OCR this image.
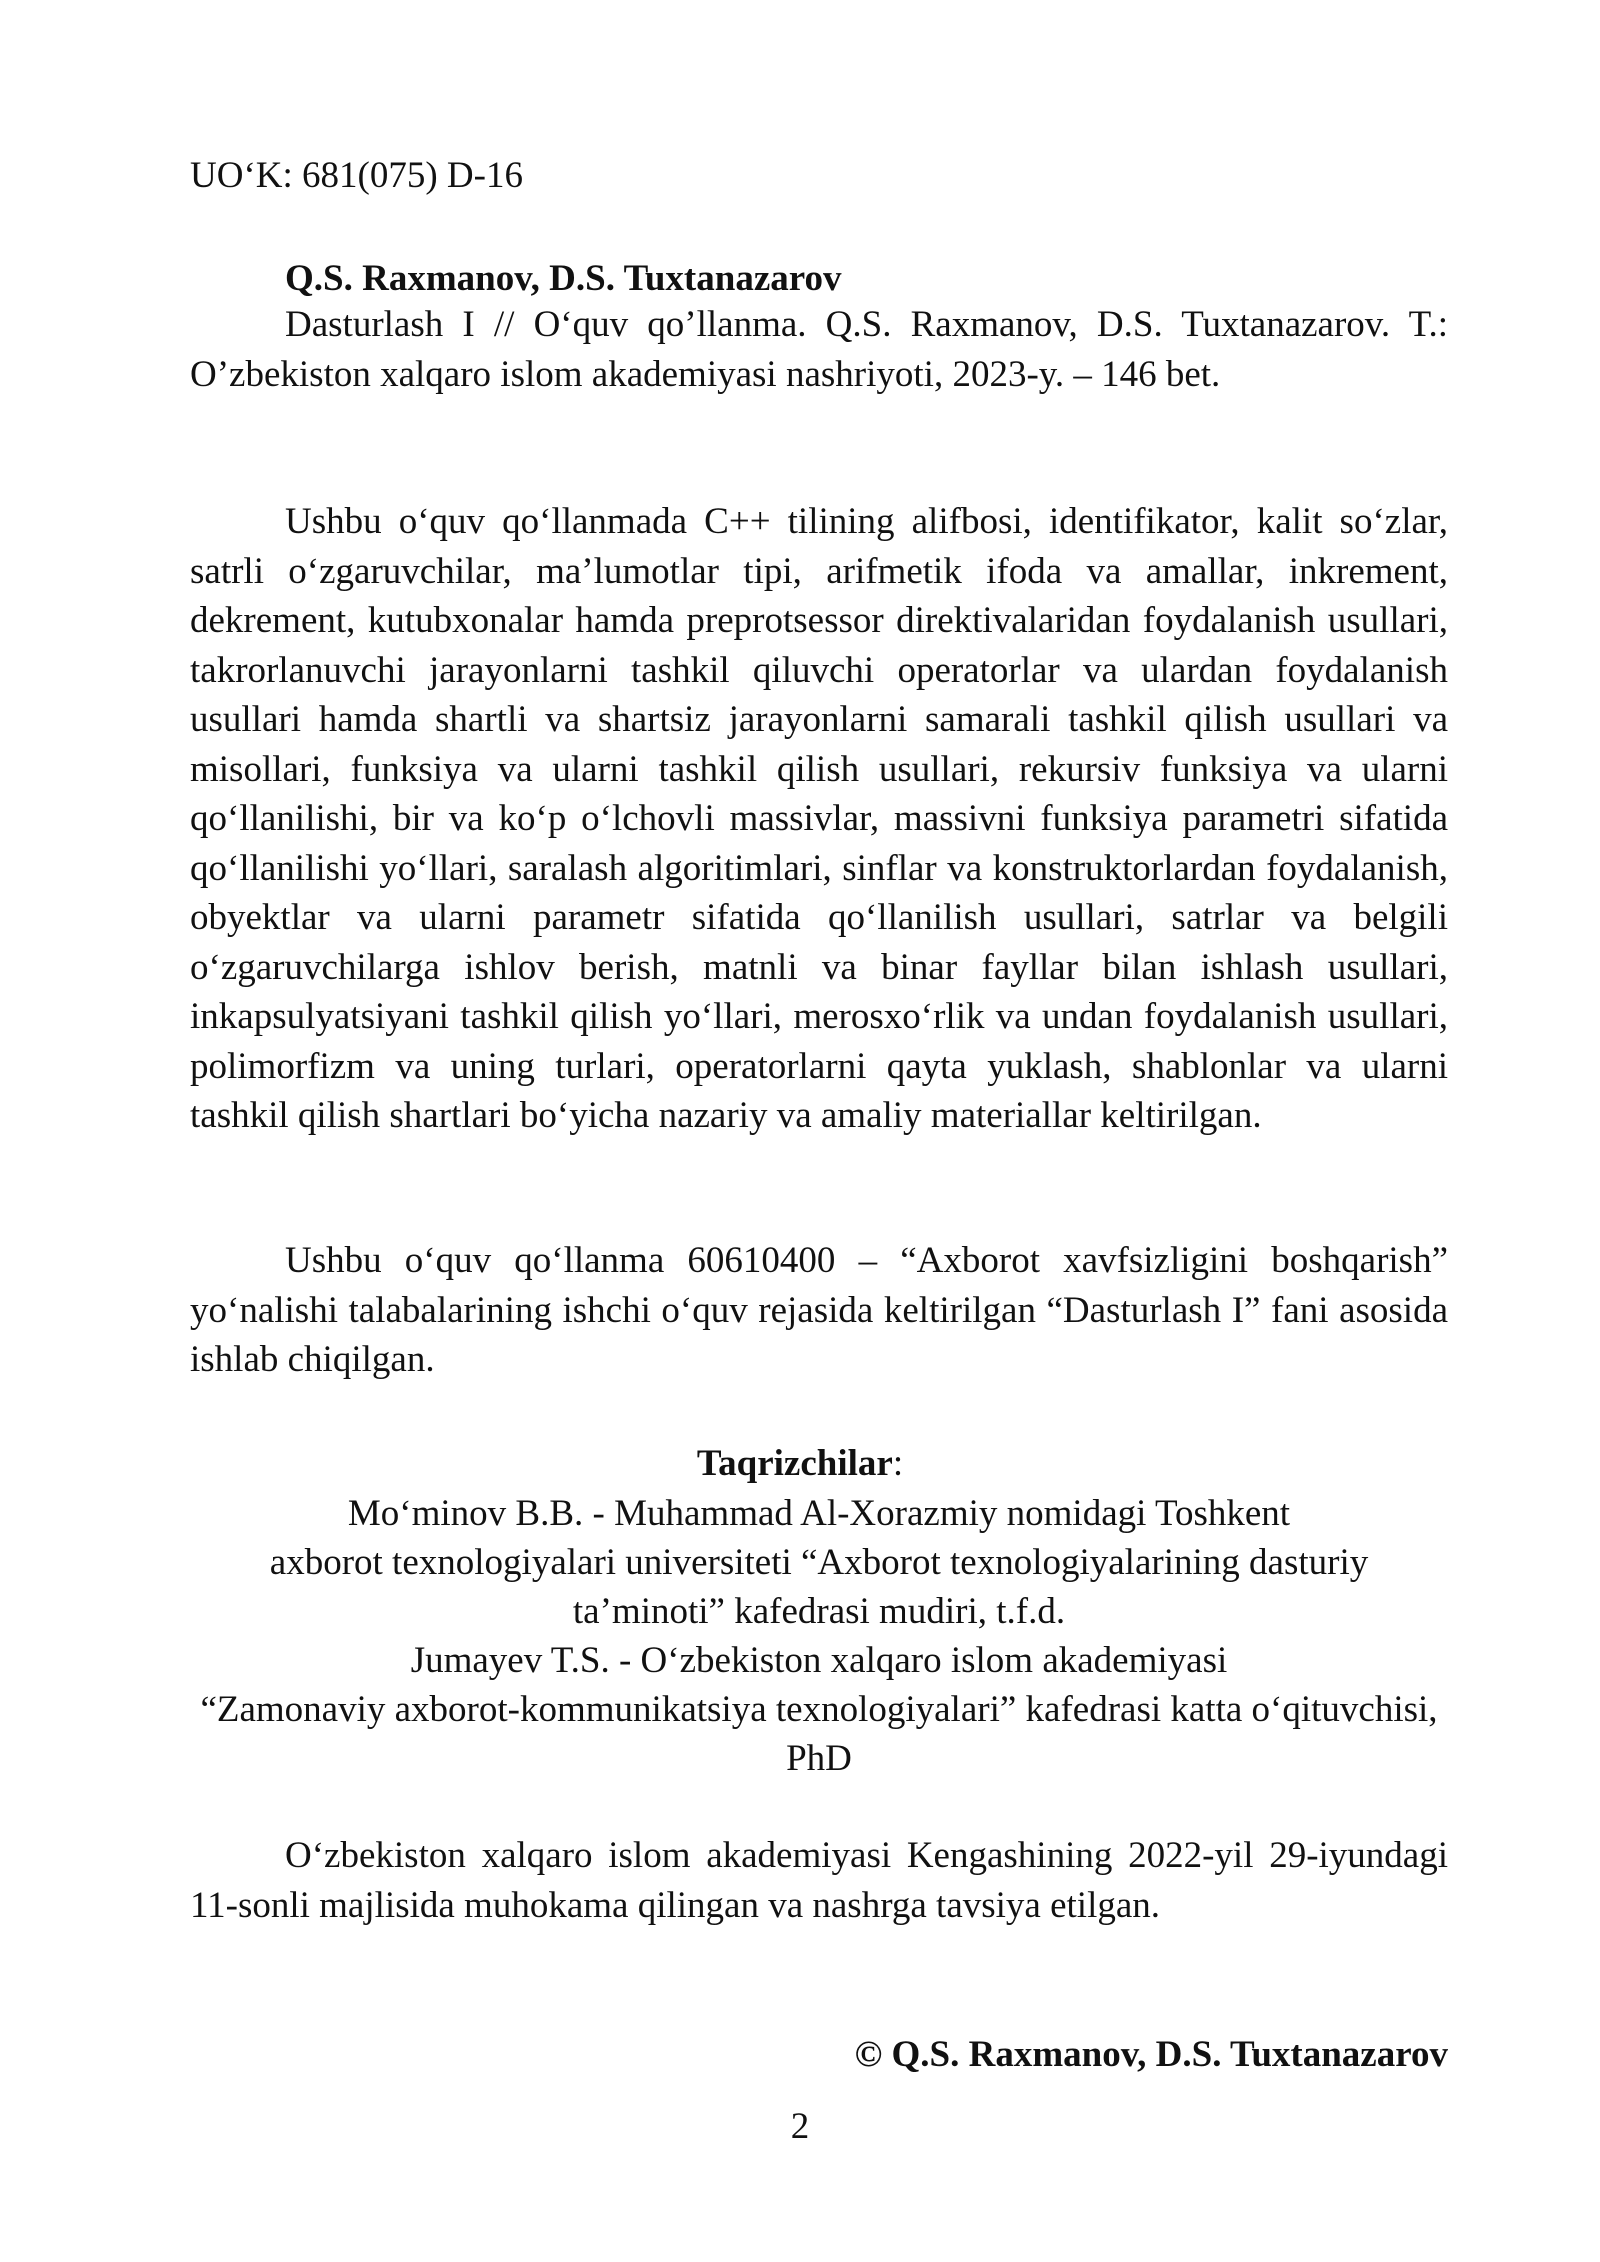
UO‘K: 681(075) D-16
Q.S. Raxmanov, D.S. Tuxtanazarov
Dasturlash I // O‘quv qo’llanma. Q.S. Raxmanov, D.S. Tuxtanazarov. T.: O’zbekiston xalqaro islom akademiyasi nashriyoti, 2023-y. – 146 bet.
Ushbu o‘quv qo‘llanmada C++ tilining alifbosi, identifikator, kalit so‘zlar, satrli o‘zgaruvchilar, ma’lumotlar tipi, arifmetik ifoda va amallar, inkrement, dekrement, kutubxonalar hamda preprotsessor direktivalaridan foydalanish usullari, takrorlanuvchi jarayonlarni tashkil qiluvchi operatorlar va ulardan foydalanish usullari hamda shartli va shartsiz jarayonlarni samarali tashkil qilish usullari va misollari, funksiya va ularni tashkil qilish usullari, rekursiv funksiya va ularni qo‘llanilishi, bir va ko‘p o‘lchovli massivlar, massivni funksiya parametri sifatida qo‘llanilishi yo‘llari, saralash algoritimlari, sinflar va konstruktorlardan foydalanish, obyektlar va ularni parametr sifatida qo‘llanilish usullari, satrlar va belgili o‘zgaruvchilarga ishlov berish, matnli va binar fayllar bilan ishlash usullari, inkapsulyatsiyani tashkil qilish yo‘llari, merosxo‘rlik va undan foydalanish usullari, polimorfizm va uning turlari, operatorlarni qayta yuklash, shablonlar va ularni tashkil qilish shartlari bo‘yicha nazariy va amaliy materiallar keltirilgan.
Ushbu o‘quv qo‘llanma 60610400 – “Axborot xavfsizligini boshqarish” yo‘nalishi talabalarining ishchi o‘quv rejasida keltirilgan “Dasturlash I” fani asosida ishlab chiqilgan.
Taqrizchilar:
Mo‘minov B.B. - Muhammad Al-Xorazmiy nomidagi Toshkent
axborot texnologiyalari universiteti “Axborot texnologiyalarining dasturiy ta’minoti” kafedrasi mudiri, t.f.d.
Jumayev T.S. - O‘zbekiston xalqaro islom akademiyasi
“Zamonaviy axborot-kommunikatsiya texnologiyalari” kafedrasi katta o‘qituvchisi, PhD
O‘zbekiston xalqaro islom akademiyasi Kengashining 2022-yil 29-iyundagi 11-sonli majlisida muhokama qilingan va nashrga tavsiya etilgan.
© Q.S. Raxmanov, D.S. Tuxtanazarov
2
